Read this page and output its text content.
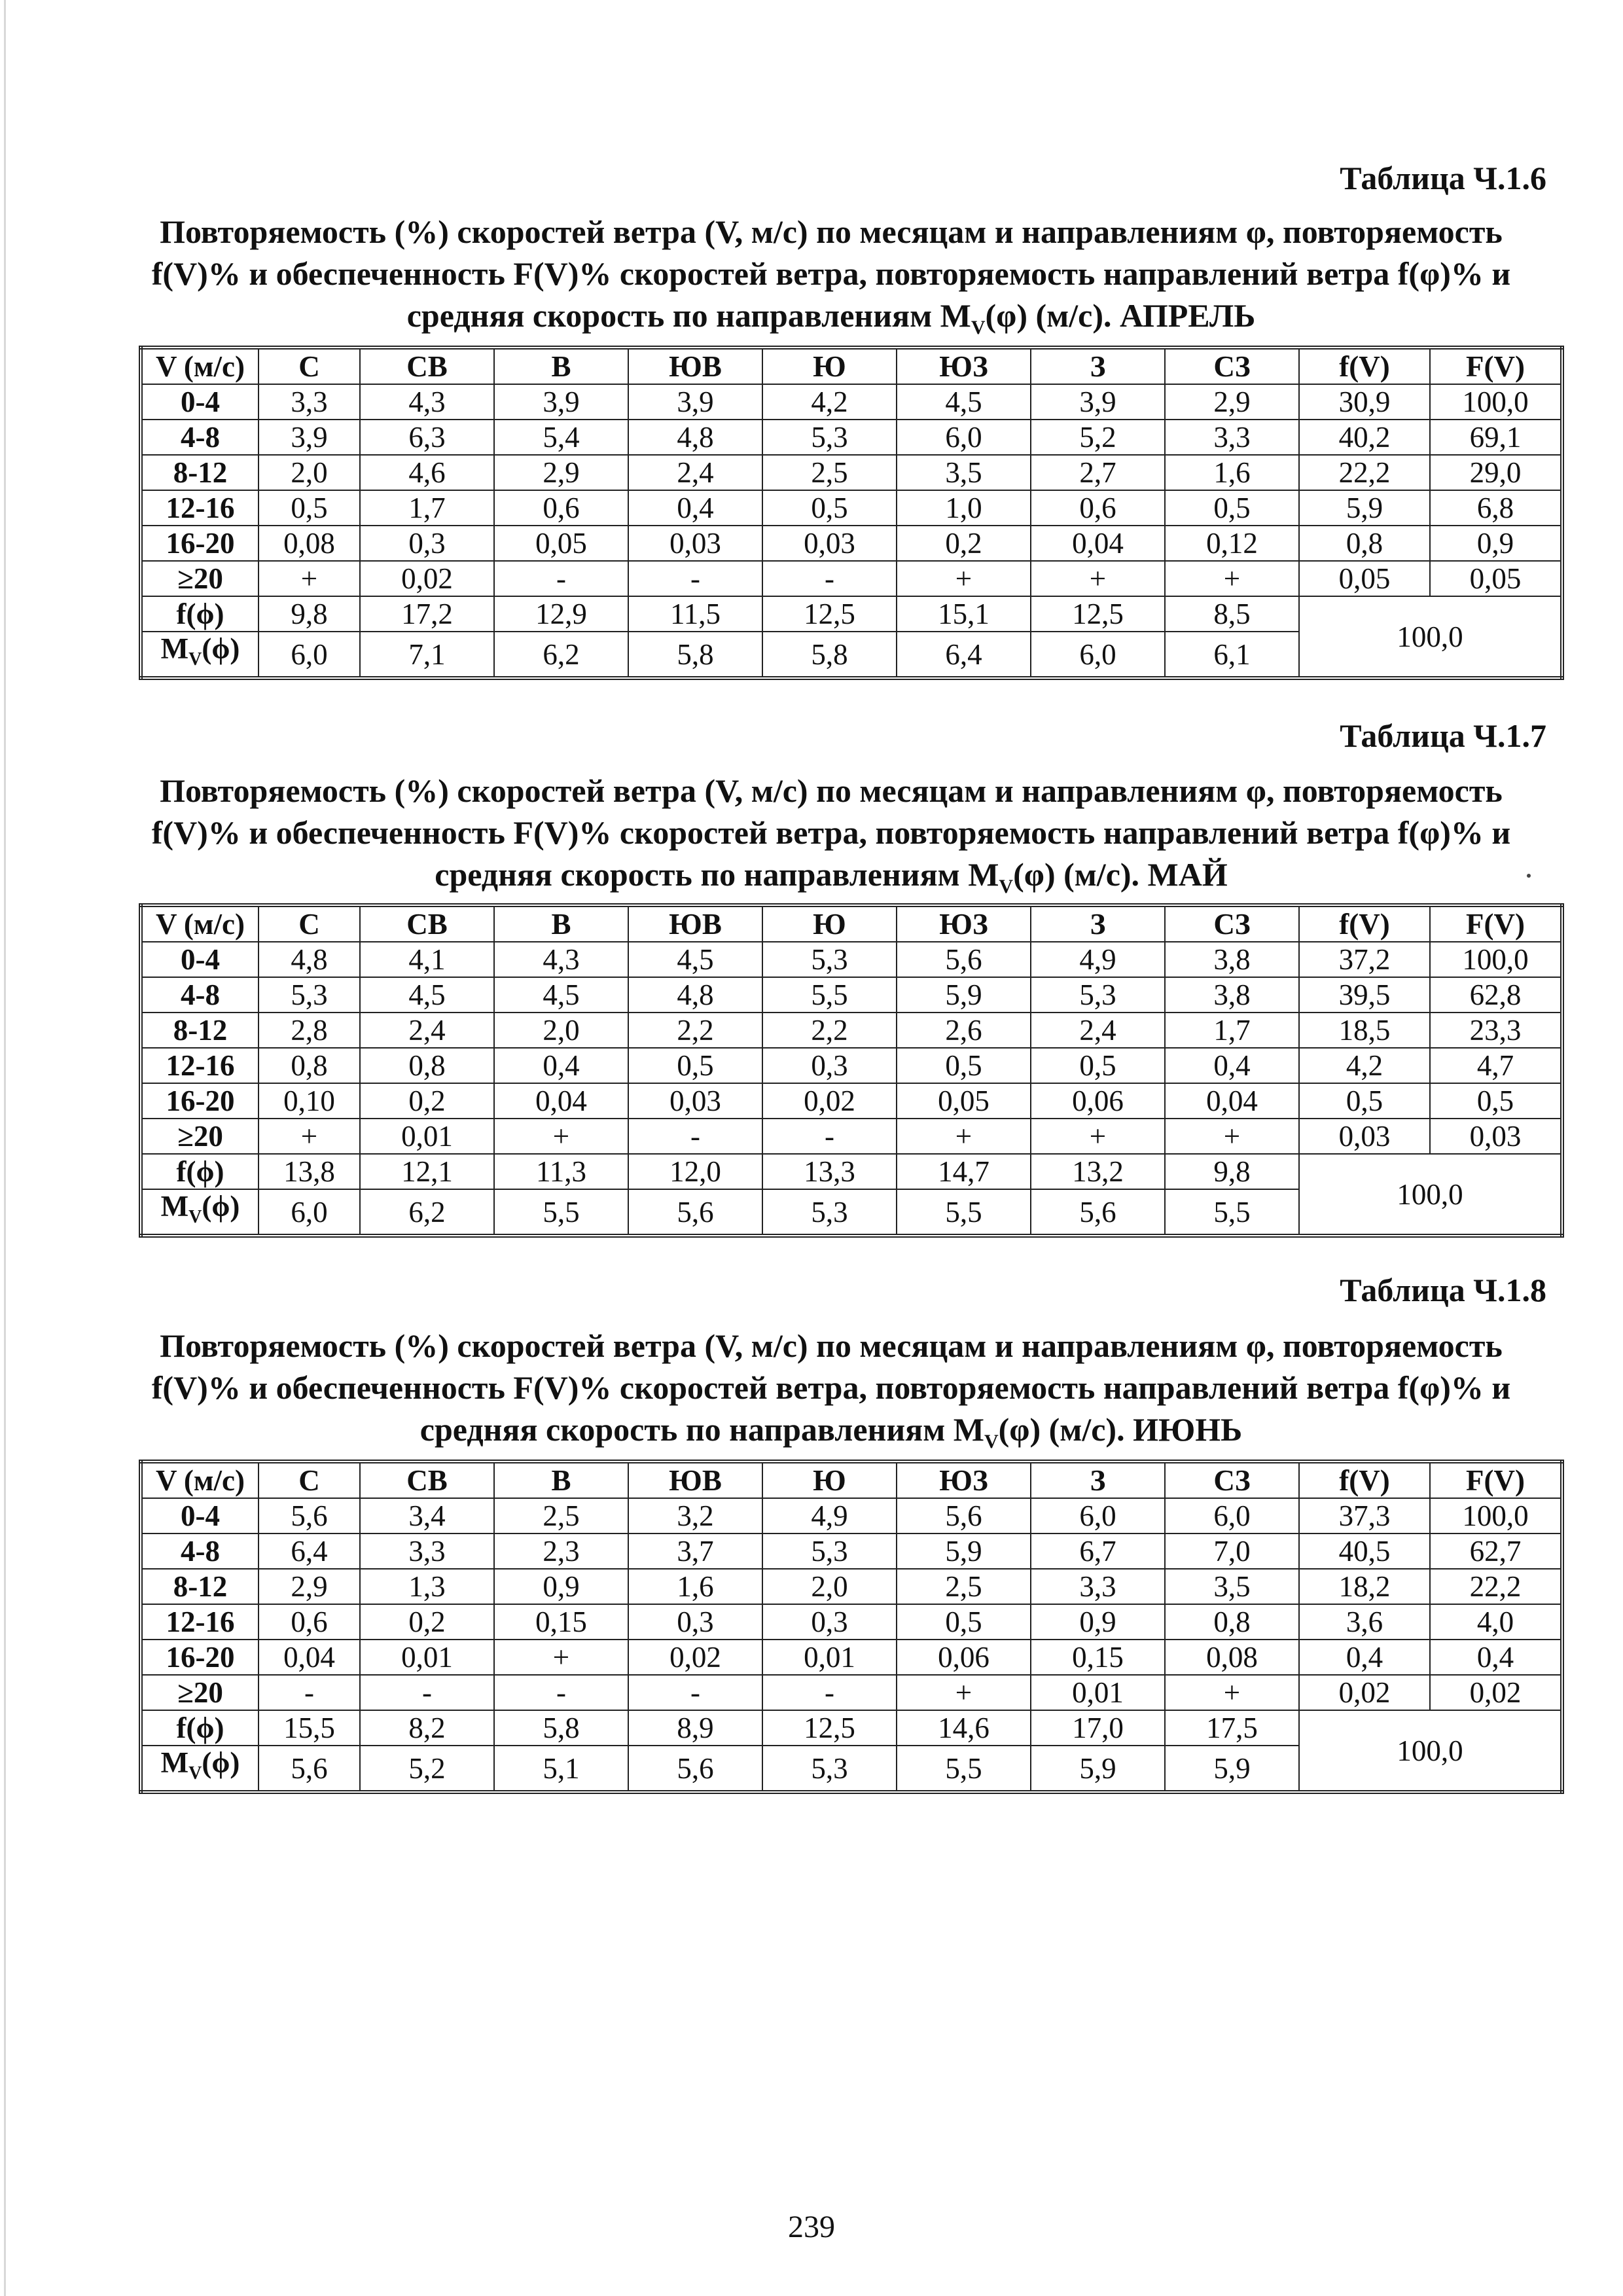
Таблица Ч.1.6
Повторяемость (%) скоростей ветра (V, м/с) по месяцам и направлениям φ, повторяемость
f(V)% и обеспеченность F(V)% скоростей ветра, повторяемость направлений ветра f(φ)% и
средняя скорость по направлениям $M_V(\varphi)$ (м/с). АПРЕЛЬ
V (м/с)	С	СВ	В	ЮВ	Ю	ЮЗ	З	СЗ	f(V)	F(V)
0-4	3,3	4,3	3,9	3,9	4,2	4,5	3,9	2,9	30,9	100,0
4-8	3,9	6,3	5,4	4,8	5,3	6,0	5,2	3,3	40,2	69,1
8-12	2,0	4,6	2,9	2,4	2,5	3,5	2,7	1,6	22,2	29,0
12-16	0,5	1,7	0,6	0,4	0,5	1,0	0,6	0,5	5,9	6,8
16-20	0,08	0,3	0,05	0,03	0,03	0,2	0,04	0,12	0,8	0,9
≥20	+	0,02	-	-	-	+	+	+	0,05	0,05
f(ϕ)	9,8	17,2	12,9	11,5	12,5	15,1	12,5	8,5	100,0	
$M_V(\phi)$	6,0	7,1	6,2	5,8	5,8	6,4	6,0	6,1		
Таблица Ч.1.7
Повторяемость (%) скоростей ветра (V, м/с) по месяцам и направлениям φ, повторяемость
f(V)% и обеспеченность F(V)% скоростей ветра, повторяемость направлений ветра f(φ)% и
средняя скорость по направлениям $M_V(\varphi)$ (м/с). МАЙ
V (м/с)	С	СВ	В	ЮВ	Ю	ЮЗ	З	СЗ	f(V)	F(V)
0-4	4,8	4,1	4,3	4,5	5,3	5,6	4,9	3,8	37,2	100,0
4-8	5,3	4,5	4,5	4,8	5,5	5,9	5,3	3,8	39,5	62,8
8-12	2,8	2,4	2,0	2,2	2,2	2,6	2,4	1,7	18,5	23,3
12-16	0,8	0,8	0,4	0,5	0,3	0,5	0,5	0,4	4,2	4,7
16-20	0,10	0,2	0,04	0,03	0,02	0,05	0,06	0,04	0,5	0,5
≥20	+	0,01	+	-	-	+	+	+	0,03	0,03
f(ϕ)	13,8	12,1	11,3	12,0	13,3	14,7	13,2	9,8	100,0	
$M_V(\phi)$	6,0	6,2	5,5	5,6	5,3	5,5	5,6	5,5		
Таблица Ч.1.8
Повторяемость (%) скоростей ветра (V, м/с) по месяцам и направлениям φ, повторяемость
f(V)% и обеспеченность F(V)% скоростей ветра, повторяемость направлений ветра f(φ)% и
средняя скорость по направлениям $M_V(\varphi)$ (м/с). ИЮНЬ
V (м/с)	С	СВ	В	ЮВ	Ю	ЮЗ	З	СЗ	f(V)	F(V)
0-4	5,6	3,4	2,5	3,2	4,9	5,6	6,0	6,0	37,3	100,0
4-8	6,4	3,3	2,3	3,7	5,3	5,9	6,7	7,0	40,5	62,7
8-12	2,9	1,3	0,9	1,6	2,0	2,5	3,3	3,5	18,2	22,2
12-16	0,6	0,2	0,15	0,3	0,3	0,5	0,9	0,8	3,6	4,0
16-20	0,04	0,01	+	0,02	0,01	0,06	0,15	0,08	0,4	0,4
≥20	-	-	-	-	-	+	0,01	+	0,02	0,02
f(ϕ)	15,5	8,2	5,8	8,9	12,5	14,6	17,0	17,5	100,0	
$M_V(\phi)$	5,6	5,2	5,1	5,6	5,3	5,5	5,9	5,9		
239
